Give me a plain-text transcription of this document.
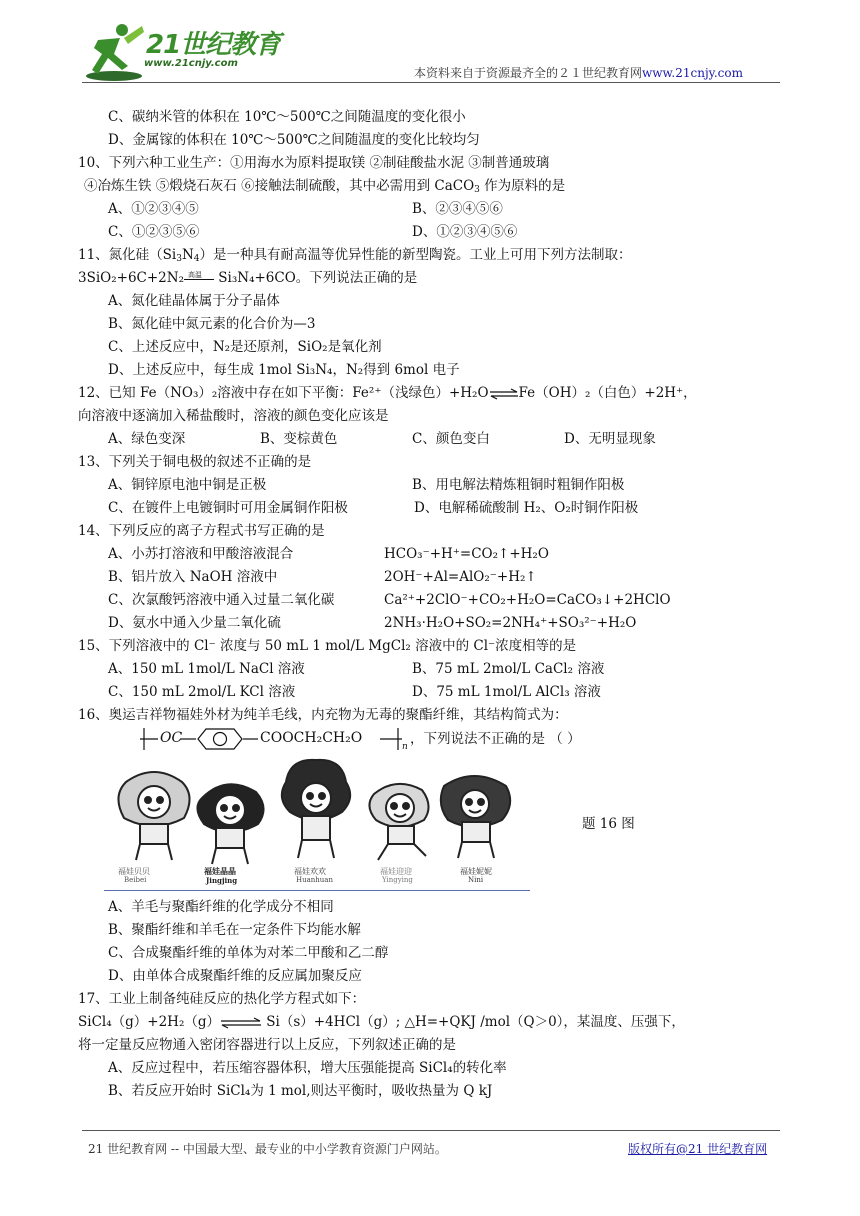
21世纪教育
www.21cnjy.com
本资料来自于资源最齐全的２１世纪教育网www.21cnjy.com
C、碳纳米管的体积在 10℃～500℃之间随温度的变化很小
D、金属镓的体积在 10℃～500℃之间随温度的变化比较均匀
10、下列六种工业生产：①用海水为原料提取镁 ②制硅酸盐水泥 ③制普通玻璃
④冶炼生铁 ⑤煅烧石灰石 ⑥接触法制硫酸，其中必需用到 CaCO$_3$ 作为原料的是
A、①②③④⑤	B、②③④⑤⑥
C、①②③⑤⑥	D、①②③④⑤⑥
11、氮化硅$(Si_3N_4)$是一种具有耐高温等优异性能的新型陶瓷。工业上可用下列方法制取：
3SiO₂+6C+2N₂ 高温 Si₃N₄+6CO。下列说法正确的是
A、氮化硅晶体属于分子晶体
B、氮化硅中氮元素的化合价为—3
C、上述反应中，N₂是还原剂，SiO₂是氧化剂
D、上述反应中，每生成 1mol Si₃N₄，N₂得到 6mol 电子
12、已知 Fe（NO₃）₂溶液中存在如下平衡：Fe²⁺（浅绿色）+H₂O⇌Fe（OH）₂（白色）+2H⁺，
向溶液中逐滴加入稀盐酸时，溶液的颜色变化应该是
A、绿色变深	B、变棕黄色	C、颜色变白	D、无明显现象
13、下列关于铜电极的叙述不正确的是
A、铜锌原电池中铜是正极	B、用电解法精炼粗铜时粗铜作阳极
C、在镀件上电镀铜时可用金属铜作阳极	D、电解稀硫酸制 H₂、O₂时铜作阳极
14、下列反应的离子方程式书写正确的是
A、小苏打溶液和甲酸溶液混合	HCO₃⁻+H⁺=CO₂↑+H₂O
B、铝片放入 NaOH 溶液中	2OH⁻+Al=AlO₂⁻+H₂↑
C、次氯酸钙溶液中通入过量二氧化碳	Ca²⁺+2ClO⁻+CO₂+H₂O=CaCO₃↓+2HClO
D、氨水中通入少量二氧化硫	2NH₃·H₂O+SO₂=2NH₄⁺+SO₃²⁻+H₂O
15、下列溶液中的 Cl⁻ 浓度与 50 mL 1 mol/L MgCl₂ 溶液中的 Cl⁻浓度相等的是
A、150 mL 1mol/L NaCl 溶液	B、75 mL 2mol/L CaCl₂ 溶液
C、150 mL 2mol/L KCl 溶液	D、75 mL 1mol/L AlCl₃ 溶液
16、奥运吉祥物福娃外材为纯羊毛线，内充物为无毒的聚酯纤维，其结构简式为：
OC	COOCH₂CH₂O
n ，下列说法不正确的是 （ ）
福娃贝贝
Beibei
福娃晶晶
Jingjing
福娃欢欢
Huanhuan
福娃迎迎
Yingying
福娃妮妮
Nini
题 16 图
A、羊毛与聚酯纤维的化学成分不相同
B、聚酯纤维和羊毛在一定条件下均能水解
C、合成聚酯纤维的单体为对苯二甲酸和乙二醇
D、由单体合成聚酯纤维的反应属加聚反应
17、工业上制备纯硅反应的热化学方程式如下：
SiCl₄（g）+2H₂（g）⇌ Si（s）+4HCl（g）; △H=+QKJ /mol（Q＞0），某温度、压强下，
将一定量反应物通入密闭容器进行以上反应，下列叙述正确的是
A、反应过程中，若压缩容器体积，增大压强能提高 SiCl₄的转化率
B、若反应开始时 SiCl₄为 1 mol,则达平衡时，吸收热量为 Q kJ
21 世纪教育网 -- 中国最大型、最专业的中小学教育资源门户网站。	版权所有@21 世纪教育网
